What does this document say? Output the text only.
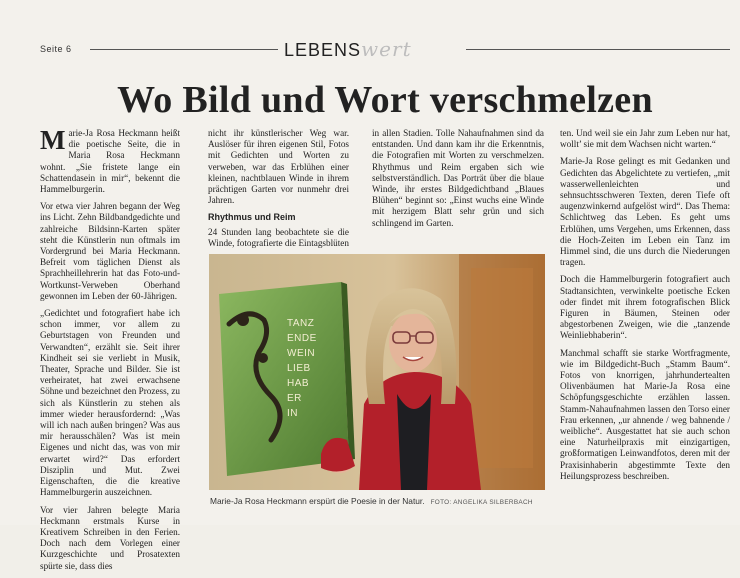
Seite 6	LEBENSwert
Wo Bild und Wort verschmelzen

Marie-Ja Rosa Heckmann heißt die poetische Seite, die in Maria Rosa Heckmann wohnt. „Sie fristete lange ein Schattendasein in mir“, bekennt die Hammelburgerin.

Vor etwa vier Jahren begann der Weg ins Licht. Zehn Bildbandgedichte und zahlreiche Bildsinn-Karten später steht die Künstlerin nun oftmals im Vordergrund bei Maria Heckmann. Befreit vom täglichen Dienst als Sprachheillehrerin hat das Foto-und-Wortkunst-Verweben Oberhand gewonnen im Leben der 60-Jährigen.

„Gedichtet und fotografiert habe ich schon immer, vor allem zu Geburtstagen von Freunden und Verwandten“, erzählt sie. Seit ihrer Kindheit sei sie verliebt in Musik, Theater, Sprache und Bilder. Sie ist verheiratet, hat zwei erwachsene Söhne und bezeichnet den Prozess, zu sich als Künstlerin zu stehen als immer wieder herausfordernd: „Was will ich nach außen bringen? Was aus mir herausschälen? Was ist mein Eigenes und nicht das, was von mir erwartet wird?“ Das erfordert Disziplin und Mut. Zwei Eigenschaften, die die kreative Hammelburgerin auszeichnen.

Vor vier Jahren belegte Maria Heckmann erstmals Kurse in Kreativem Schreiben in den Ferien. Doch nach dem Vorlegen einer Kurzgeschichte und Prosatexten spürte sie, dass dies

nicht ihr künstlerischer Weg war. Auslöser für ihren eigenen Stil, Fotos mit Gedichten und Worten zu verweben, war das Erblühen einer kleinen, nachtblauen Winde in ihrem prächtigen Garten vor nunmehr drei Jahren.

Rhythmus und Reim

24 Stunden lang beobachtete sie die Winde, fotografierte die Eintagsblüten

in allen Stadien. Tolle Nahaufnahmen sind da entstanden. Und dann kam ihr die Erkenntnis, die Fotografien mit Worten zu verschmelzen. Rhythmus und Reim ergaben sich wie selbstverständlich. Das Porträt über die blaue Winde, ihr erstes Bildgedichtband „Blaues Blühen“ beginnt so: „Einst wuchs eine Winde mit herzigem Blatt sehr grün und sich schlingend im Garten.

ten. Und weil sie ein Jahr zum Leben nur hat, wollt’ sie mit dem Wachsen nicht warten.“

Marie-Ja Rose gelingt es mit Gedanken und Gedichten das Abgelichtete zu vertiefen, „mit wasserwellenleichten und sehnsuchtsschweren Texten, deren Tiefe oft augenzwinkernd aufgelöst wird“. Das Thema: Schlichtweg das Leben. Es geht ums Erblühen, ums Vergehen, ums Erkennen, dass die Hoch-Zeiten im Leben ein Tanz im Himmel sind, die uns durch die Niederungen tragen.

Doch die Hammelburgerin fotografiert auch Stadtansichten, verwinkelte poetische Ecken oder findet mit ihrem fotografischen Blick Figuren in Bäumen, Steinen oder abgestorbenen Zweigen, wie die „tanzende Weinliebhaberin“.

Manchmal schafft sie starke Wortfragmente, wie im Bildgedicht-Buch „Stamm Baum“. Fotos von knorrigen, jahrhundertealten Olivenbäumen hat Marie-Ja Rosa eine Schöpfungsgeschichte erzählen lassen. Stamm-Nahaufnahmen lassen den Torso einer Frau erkennen, „ur ahnende / weg bahnende / weibliche“. Ausgestattet hat sie auch schon eine Naturheilpraxis mit einzigartigen, großformatigen Leinwandfotos, deren mit der Praxisinhaberin abgestimmte Texte den Heilungsprozess beschreiben.

TANZ
ENDE
WEIN
LIEB
HAB
ER
IN
Marie-Ja Rosa Heckmann erspürt die Poesie in der Natur. FOTO: ANGELIKA SILBERBACH
